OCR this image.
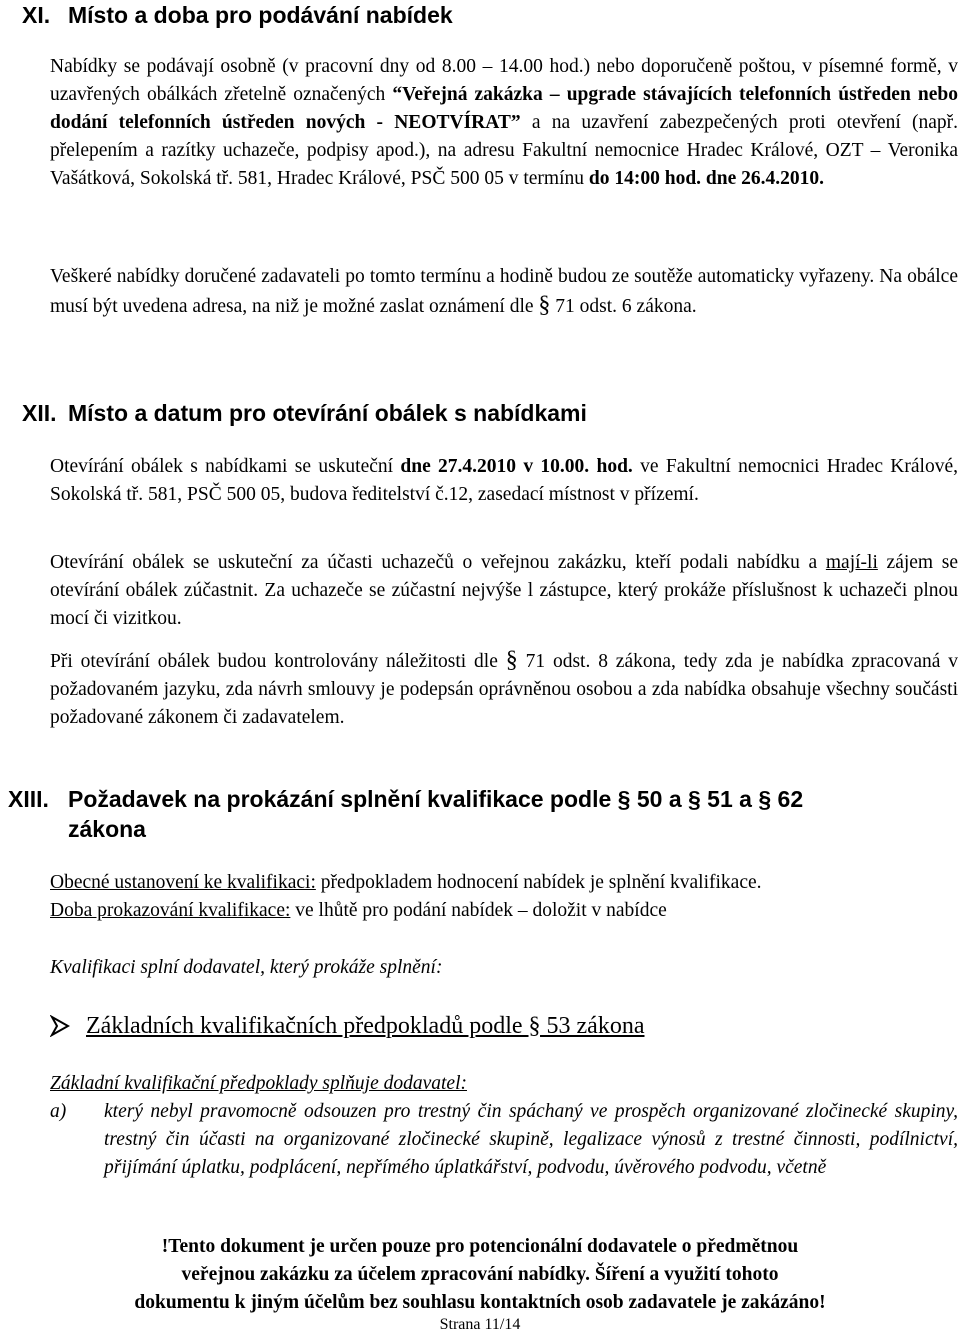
XI. Místo a doba pro podávání nabídek

Nabídky se podávají osobně (v pracovní dny od 8.00 – 14.00 hod.) nebo doporučeně poštou, v písemné formě, v uzavřených obálkách zřetelně označených “Veřejná zakázka – upgrade stávajících telefonních ústředen nebo dodání telefonních ústředen nových - NEOTVÍRAT” a na uzavření zabezpečených proti otevření (např. přelepením a razítky uchazeče, podpisy apod.), na adresu Fakultní nemocnice Hradec Králové, OZT – Veronika Vašátková, Sokolská tř. 581, Hradec Králové, PSČ 500 05 v termínu do 14:00 hod. dne 26.4.2010.

Veškeré nabídky doručené zadavateli po tomto termínu a hodině budou ze soutěže automaticky vyřazeny. Na obálce musí být uvedena adresa, na niž je možné zaslat oznámení dle § 71 odst. 6 zákona.

XII. Místo a datum pro otevírání obálek s nabídkami

Otevírání obálek s nabídkami se uskuteční dne 27.4.2010 v 10.00. hod. ve Fakultní nemocnici Hradec Králové, Sokolská tř. 581, PSČ 500 05, budova ředitelství č.12, zasedací místnost v přízemí.

Otevírání obálek se uskuteční za účasti uchazečů o veřejnou zakázku, kteří podali nabídku a mají-li zájem se otevírání obálek zúčastnit. Za uchazeče se zúčastní nejvýše l zástupce, který prokáže příslušnost k uchazeči plnou mocí či vizitkou.

Při otevírání obálek budou kontrolovány náležitosti dle § 71 odst. 8 zákona, tedy zda je nabídka zpracovaná v požadovaném jazyku, zda návrh smlouvy je podepsán oprávněnou osobou a zda nabídka obsahuje všechny součásti požadované zákonem či zadavatelem.

XIII. Požadavek na prokázání splnění kvalifikace podle § 50 a § 51 a § 62
zákona

Obecné ustanovení ke kvalifikaci: předpokladem hodnocení nabídek je splnění kvalifikace.

Doba prokazování kvalifikace: ve lhůtě pro podání nabídek – doložit v nabídce

Kvalifikaci splní dodavatel, který prokáže splnění:

Základních kvalifikačních předpokladů podle § 53 zákona

Základní kvalifikační předpoklady splňuje dodavatel:

a) který nebyl pravomocně odsouzen pro trestný čin spáchaný ve prospěch organizované zločinecké skupiny, trestný čin účasti na organizované zločinecké skupině, legalizace výnosů z trestné činnosti, podílnictví, přijímání úplatku, podplácení, nepřímého úplatkářství, podvodu, úvěrového podvodu, včetně

!Tento dokument je určen pouze pro potencionální dodavatele o předmětnou
veřejnou zakázku za účelem zpracování nabídky. Šíření a využití tohoto
dokumentu k jiným účelům bez souhlasu kontaktních osob zadavatele je zakázáno!
Strana 11/14
